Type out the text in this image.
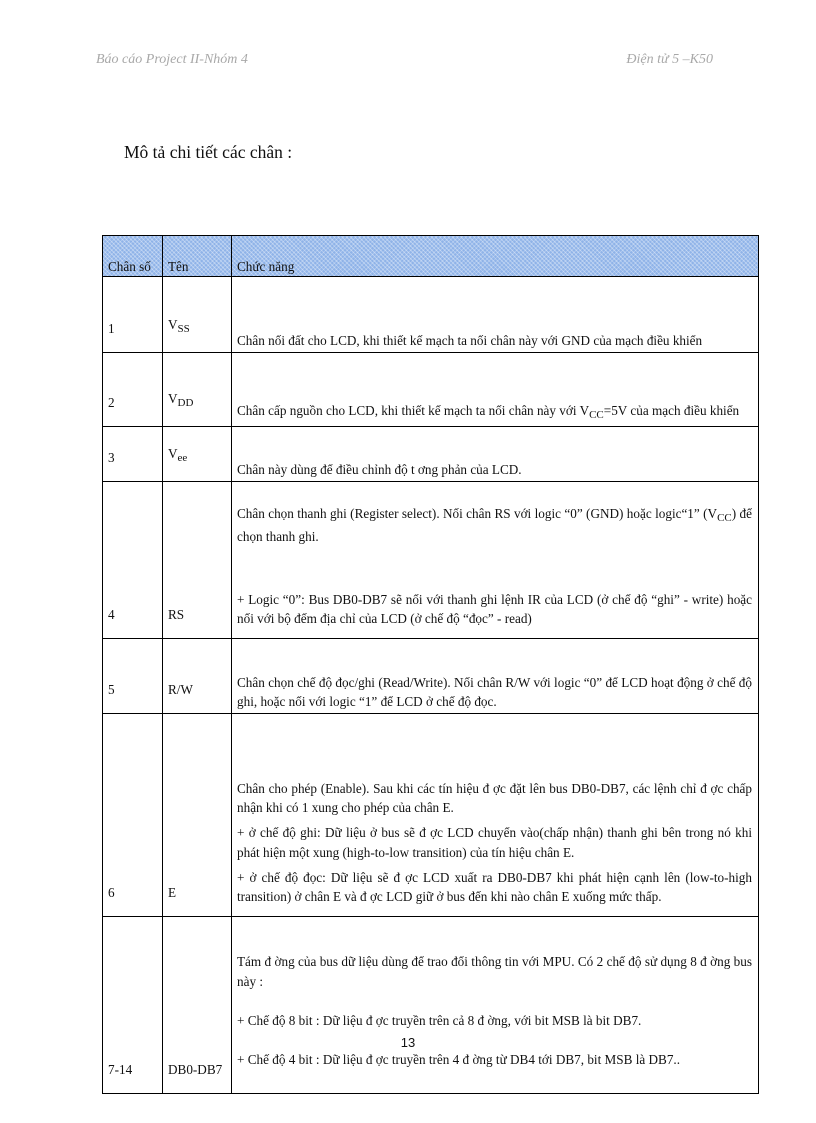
Báo cáo Project II-Nhóm 4	Điện tử 5 –K50
Mô tả chi tiết các chân :
Chân số	Tên	Chức năng
1	$V_{SS}$	Chân nối đất cho LCD, khi thiết kế mạch ta nối chân này với GND của mạch điều khiển

2	$V_{DD}$	Chân cấp nguồn cho LCD, khi thiết kế mạch ta nối chân này với $V_{CC}=5V$ của mạch điều khiển

3	$V_{ee}$	Chân này dùng để điều chỉnh độ t ơng phản của LCD.

4	RS	Chân chọn thanh ghi (Register select). Nối chân RS với logic “0” (GND) hoặc logic“1” $(V_{CC})$ để chọn thanh ghi.

+ Logic “0”: Bus DB0-DB7 sẽ nối với thanh ghi lệnh IR của LCD (ở chế độ “ghi” - write) hoặc nối với bộ đếm địa chỉ của LCD (ở chế độ “đọc” - read)

5	R/W	Chân chọn chế độ đọc/ghi (Read/Write). Nối chân R/W với logic “0” để LCD hoạt động ở chế độ ghi, hoặc nối với logic “1” để LCD ở chế độ đọc.

6	E	Chân cho phép (Enable). Sau khi các tín hiệu đ ợc đặt lên bus DB0-DB7, các lệnh chỉ đ ợc chấp nhận khi có 1 xung cho phép của chân E.

+ ở chế độ ghi: Dữ liệu ở bus sẽ đ ợc LCD chuyển vào(chấp nhận) thanh ghi bên trong nó khi phát hiện một xung (high-to-low transition) của tín hiệu chân E.

+ ở chế độ đọc: Dữ liệu sẽ đ ợc LCD xuất ra DB0-DB7 khi phát hiện cạnh lên (low-to-high transition) ở chân E và đ ợc LCD giữ ở bus đến khi nào chân E xuống mức thấp.

7-14	DB0-DB7	Tám đ ờng của bus dữ liệu dùng để trao đổi thông tin với MPU. Có 2 chế độ sử dụng 8 đ ờng bus này :

+ Chế độ 8 bit : Dữ liệu đ ợc truyền trên cả 8 đ ờng, với bit MSB là bit DB7.

+ Chế độ 4 bit : Dữ liệu đ ợc truyền trên 4 đ ờng từ DB4 tới DB7, bit MSB là DB7..

13
